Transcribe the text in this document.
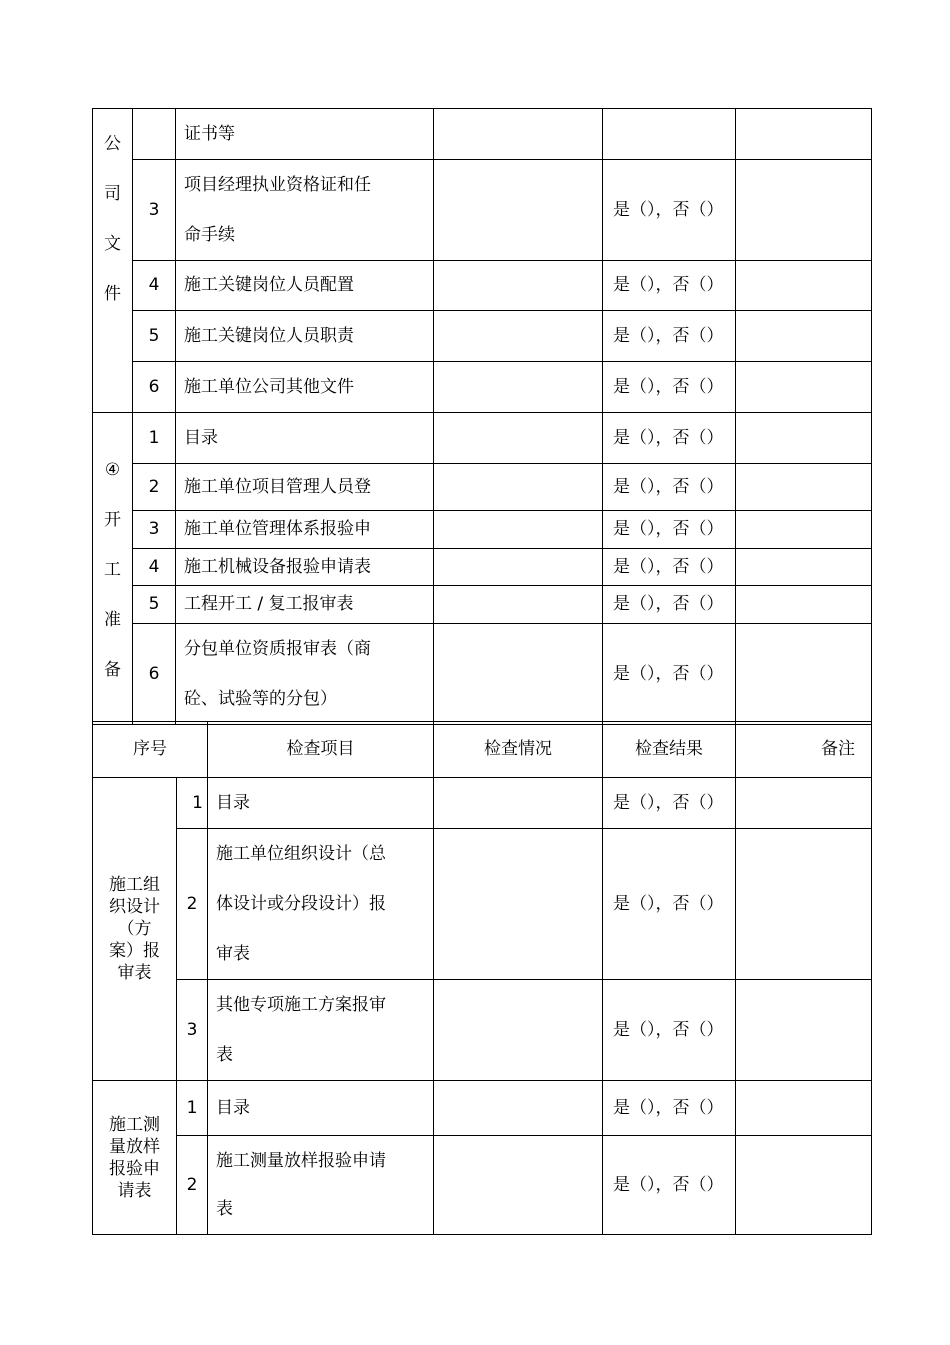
公
司
文
件		证书等			
	3	项目经理执业资格证和任
命手续		是（），否（）	
	4	施工关键岗位人员配置		是（），否（）	
	5	施工关键岗位人员职责		是（），否（）	
	6	施工单位公司其他文件		是（），否（）	

④
开
工
准
备	1	目录		是（），否（）	
	2	施工单位项目管理人员登		是（），否（）	
	3	施工单位管理体系报验申		是（），否（）	
	4	施工机械设备报验申请表		是（），否（）	
	5	工程开工 / 复工报审表		是（），否（）	
	6	分包单位资质报审表（商
砼、试验等的分包）		是（），否（）	
序号		检查项目	检查情况	检查结果	备注

施工组
织设计
（方
案）报
审表	1	目录		是（），否（）	
	2	施工单位组织设计（总
体设计或分段设计）报
审表		是（），否（）	
	3	其他专项施工方案报审
表		是（），否（）	

施工测
量放样
报验申
请表	1	目录		是（），否（）	
	2	施工测量放样报验申请
表		是（），否（）	
